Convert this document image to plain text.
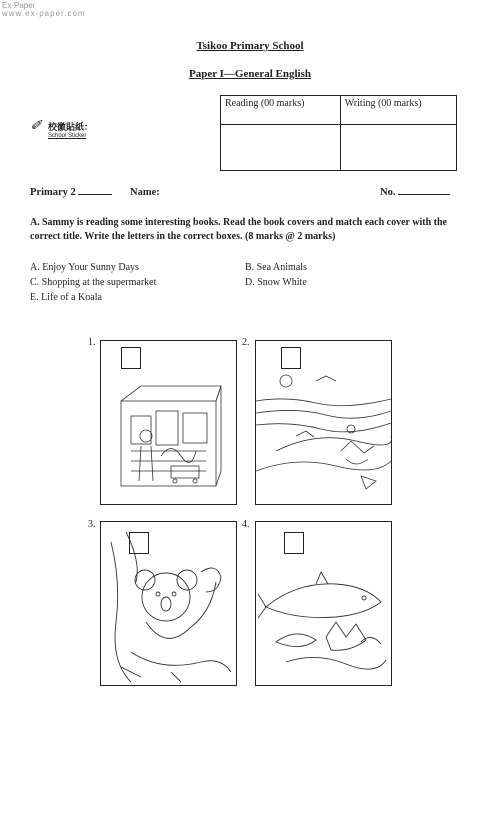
Ex-Paper
www.ex-paper.com
Tsikoo Primary School
Paper I—General English
✐ 校徽貼紙：
School Sticker
Reading (00 marks)	Writing (00 marks)

Primary 2	Name:	No.
A. Sammy is reading some interesting books. Read the book covers and match each cover with the correct title. Write the letters in the correct boxes. (8 marks @ 2 marks)
A. Enjoy Your Sunny Days	B. Sea Animals
C. Shopping at the supermarket	D. Snow White
E. Life of a Koala
1.	2.
3.	4.
